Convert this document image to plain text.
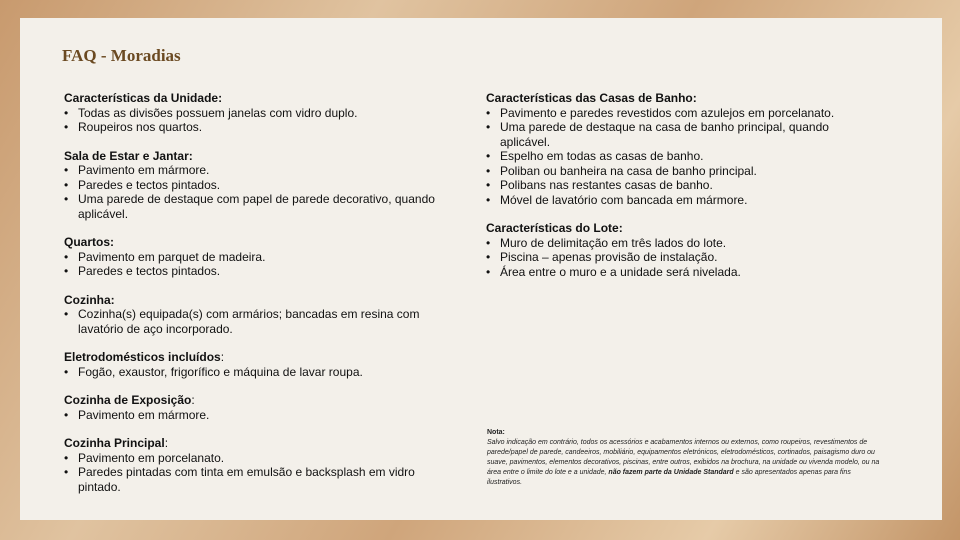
FAQ - Moradias

Características da Unidade:

• Todas as divisões possuem janelas com vidro duplo.
• Roupeiros nos quartos.

Sala de Estar e Jantar:

• Pavimento em mármore.
• Paredes e tectos pintados.
• Uma parede de destaque com papel de parede decorativo, quando aplicável.

Quartos:

• Pavimento em parquet de madeira.
• Paredes e tectos pintados.

Cozinha:

• Cozinha(s) equipada(s) com armários; bancadas em resina com lavatório de aço incorporado.

Eletrodomésticos incluídos:

• Fogão, exaustor, frigorífico e máquina de lavar roupa.

Cozinha de Exposição:

• Pavimento em mármore.

Cozinha Principal:

• Pavimento em porcelanato.
• Paredes pintadas com tinta em emulsão e backsplash em vidro pintado.

Características das Casas de Banho:

• Pavimento e paredes revestidos com azulejos em porcelanato.
• Uma parede de destaque na casa de banho principal, quando aplicável.
• Espelho em todas as casas de banho.
• Poliban ou banheira na casa de banho principal.
• Polibans nas restantes casas de banho.
• Móvel de lavatório com bancada em mármore.

Características do Lote:

• Muro de delimitação em três lados do lote.
• Piscina – apenas provisão de instalação.
• Área entre o muro e a unidade será nivelada.
Nota:
Salvo indicação em contrário, todos os acessórios e acabamentos internos ou externos, como roupeiros, revestimentos de parede/papel de parede, candeeiros, mobiliário, equipamentos eletrónicos, eletrodomésticos, cortinados, paisagismo duro ou suave, pavimentos, elementos decorativos, piscinas, entre outros, exibidos na brochura, na unidade ou vivenda modelo, ou na área entre o limite do lote e a unidade, não fazem parte da Unidade Standard e são apresentados apenas para fins ilustrativos.
